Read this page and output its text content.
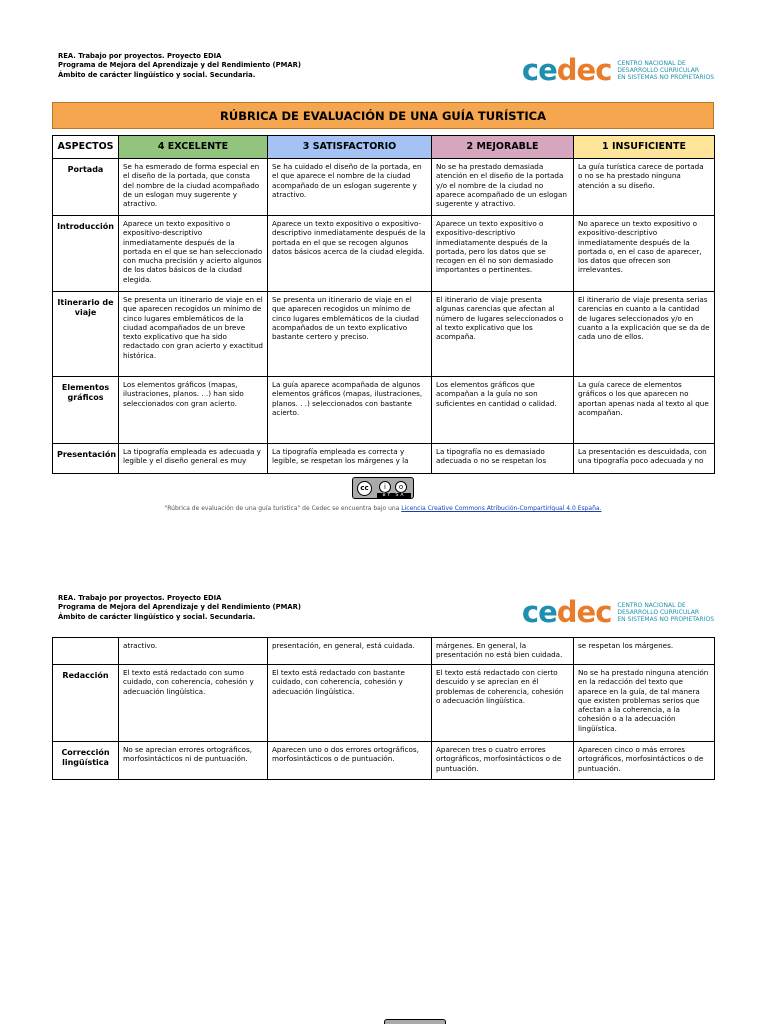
REA. Trabajo por proyectos. Proyecto EDIA
Programa de Mejora del Aprendizaje y del Rendimiento (PMAR)
Ámbito de carácter lingüístico y social. Secundaria.	cedec CENTRO NACIONAL DE
DESARROLLO CURRICULAR
EN SISTEMAS NO PROPIETARIOS
RÚBRICA DE EVALUACIÓN DE UNA GUÍA TURÍSTICA
ASPECTOS	4 EXCELENTE	3 SATISFACTORIO	2 MEJORABLE	1 INSUFICIENTE
Portada	Se ha esmerado de forma especial en el diseño de la portada, que consta del nombre de la ciudad acompañado de un eslogan muy sugerente y atractivo.	Se ha cuidado el diseño de la portada, en el que aparece el nombre de la ciudad acompañado de un eslogan sugerente y atractivo.	No se ha prestado demasiada atención en el diseño de la portada y/o el nombre de la ciudad no aparece acompañado de un eslogan sugerente y atractivo.	La guía turística carece de portada o no se ha prestado ninguna atención a su diseño.
Introducción	Aparece un texto expositivo o expositivo-descriptivo inmediatamente después de la portada en el que se han seleccionado con mucha precisión y acierto algunos de los datos básicos de la ciudad elegida.	Aparece un texto expositivo o expositivo-descriptivo inmediatamente después de la portada en el que se recogen algunos datos básicos acerca de la ciudad elegida.	Aparece un texto expositivo o expositivo-descriptivo inmediatamente después de la portada, pero los datos que se recogen en él no son demasiado importantes o pertinentes.	No aparece un texto expositivo o expositivo-descriptivo inmediatamente después de la portada o, en el caso de aparecer, los datos que ofrecen son irrelevantes.
Itinerario de viaje	Se presenta un itinerario de viaje en el que aparecen recogidos un mínimo de cinco lugares emblemáticos de la ciudad acompañados de un breve texto explicativo que ha sido redactado con gran acierto y exactitud histórica.	Se presenta un itinerario de viaje en el que aparecen recogidos un mínimo de cinco lugares emblemáticos de la ciudad acompañados de un texto explicativo bastante certero y preciso.	El itinerario de viaje presenta algunas carencias que afectan al número de lugares seleccionados o al texto explicativo que los acompaña.	El itinerario de viaje presenta serias carencias en cuanto a la cantidad de lugares seleccionados y/o en cuanto a la explicación que se da de cada uno de ellos.
Elementos gráficos	Los elementos gráficos (mapas, ilustraciones, planos. . .) han sido seleccionados con gran acierto.	La guía aparece acompañada de algunos elementos gráficos (mapas, ilustraciones, planos. . .) seleccionados con bastante acierto.	Los elementos gráficos que acompañan a la guía no son suficientes en cantidad o calidad.	La guía carece de elementos gráficos o los que aparecen no aportan apenas nada al texto al que acompañan.
Presentación	La tipografía empleada es adecuada y legible y el diseño general es muy	La tipografía empleada es correcta y legible, se respetan los márgenes y la	La tipografía no es demasiado adecuada o no se respetan los	La presentación es descuidada, con una tipografía poco adecuada y no
cc	i	o
BY SA
"Rúbrica de evaluación de una guía turística" de Cedec se encuentra bajo una Licencia Creative Commons Atribución-CompartirIgual 4.0 España.
REA. Trabajo por proyectos. Proyecto EDIA
Programa de Mejora del Aprendizaje y del Rendimiento (PMAR)
Ámbito de carácter lingüístico y social. Secundaria.	cedec CENTRO NACIONAL DE
DESARROLLO CURRICULAR
EN SISTEMAS NO PROPIETARIOS
	atractivo.	presentación, en general, está cuidada.	márgenes. En general, la presentación no está bien cuidada.	se respetan los márgenes.
Redacción	El texto está redactado con sumo cuidado, con coherencia, cohesión y adecuación lingüística.	El texto está redactado con bastante cuidado, con coherencia, cohesión y adecuación lingüística.	El texto está redactado con cierto descuido y se aprecian en él problemas de coherencia, cohesión o adecuación lingüística.	No se ha prestado ninguna atención en la redacción del texto que aparece en la guía, de tal manera que existen problemas serios que afectan a la coherencia, a la cohesión o a la adecuación lingüística.
Corrección lingüística	No se aprecian errores ortográficos, morfosintácticos ni de puntuación.	Aparecen uno o dos errores ortográficos, morfosintácticos o de puntuación.	Aparecen tres o cuatro errores ortográficos, morfosintácticos o de puntuación.	Aparecen cinco o más errores ortográficos, morfosintácticos o de puntuación.
